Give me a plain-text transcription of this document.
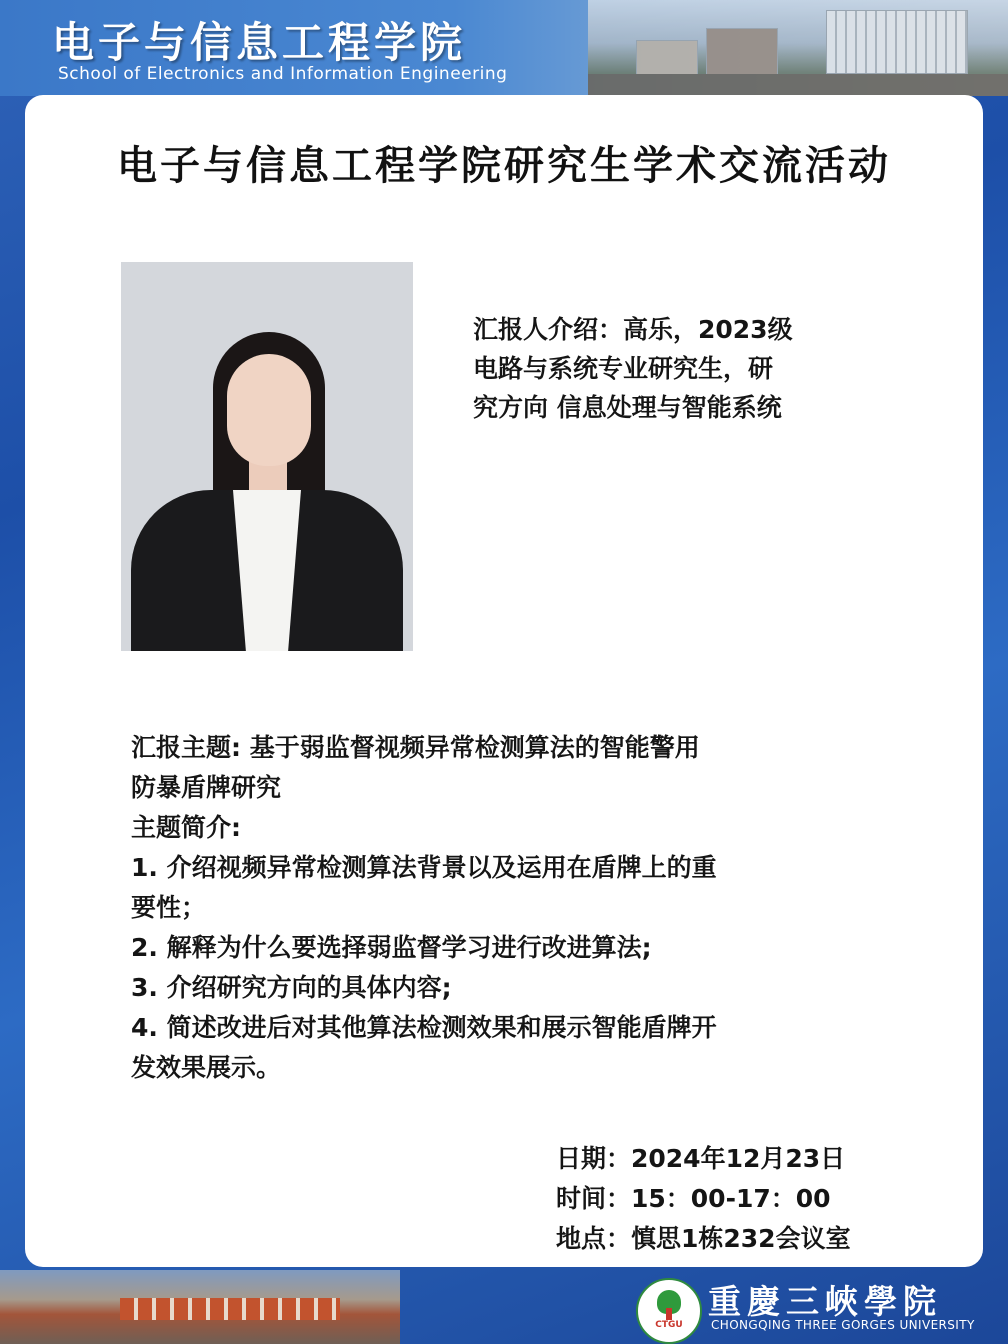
电子与信息工程学院
School of Electronics and Information Engineering
电子与信息工程学院研究生学术交流活动
汇报人介绍：高乐，2023级
电路与系统专业研究生，研
究方向 信息处理与智能系统
汇报主题: 基于弱监督视频异常检测算法的智能警用
防暴盾牌研究
主题简介:
1. 介绍视频异常检测算法背景以及运用在盾牌上的重
要性；
2. 解释为什么要选择弱监督学习进行改进算法;
3. 介绍研究方向的具体内容;
4. 简述改进后对其他算法检测效果和展示智能盾牌开
发效果展示。
日期：2024年12月23日
时间：15：00-17：00
地点：慎思1栋232会议室
CTGU
重慶三峽學院
CHONGQING THREE GORGES UNIVERSITY
